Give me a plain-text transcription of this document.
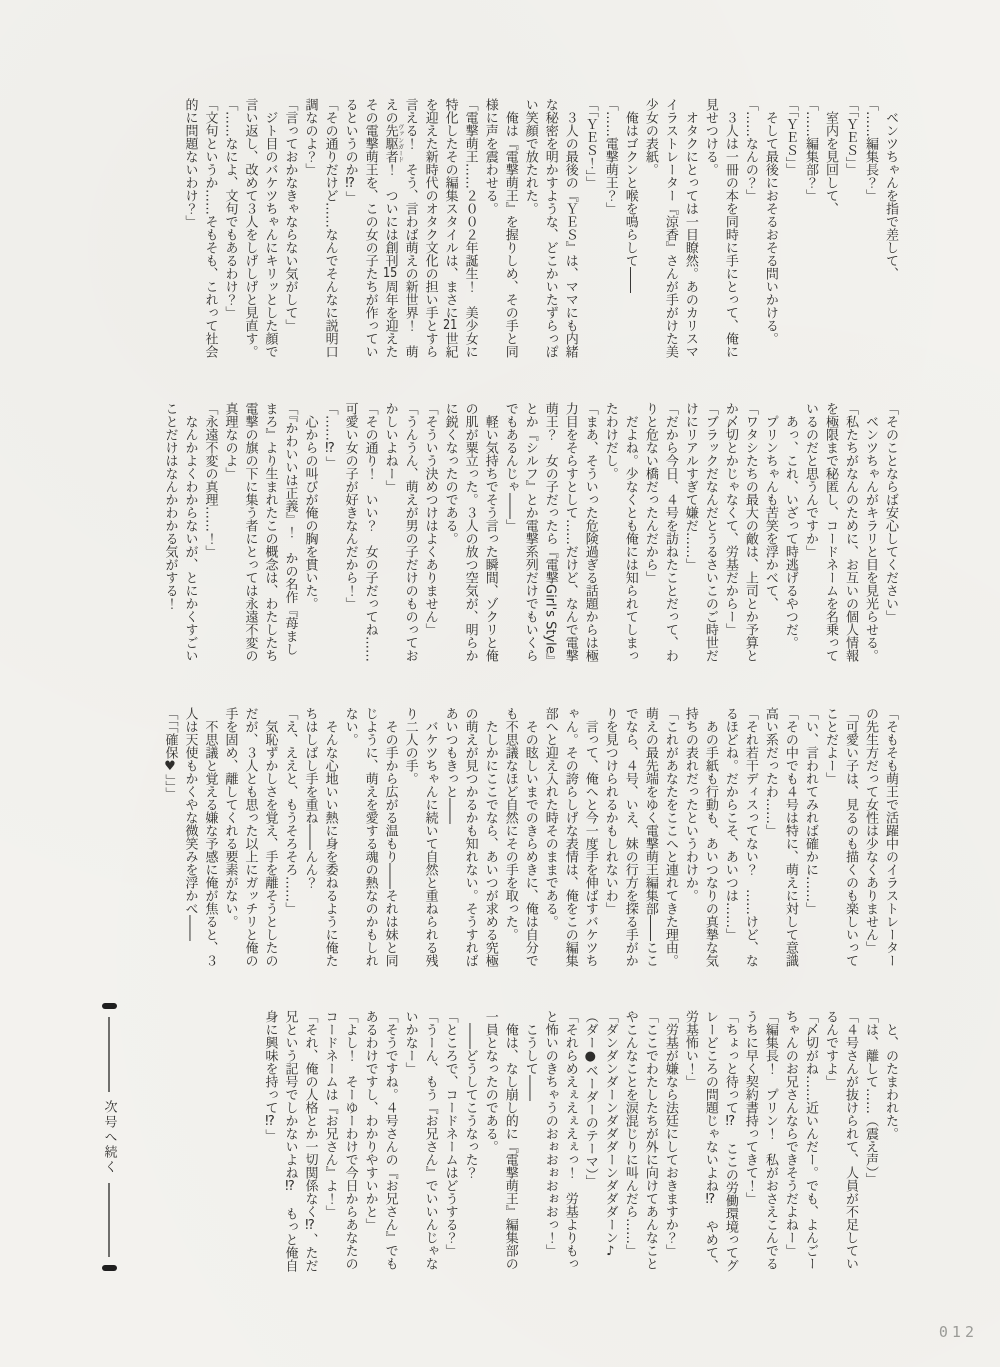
　ベンツちゃんを指で差して、

「……編集長？」

「「ＹＥＳ」」

　室内を見回して、

「……編集部？」

「「ＹＥＳ」」

　そして最後におそるおそる問いかける。

「……なんの？」

　３人は一冊の本を同時に手にとって、俺に見せつける。

　オタクにとっては一目瞭然。あのカリスマイラストレーター『涼香』さんが手がけた美少女の表紙。

　俺はゴクンと喉を鳴らして――

「……電撃萌王？」

「「ＹＥＳ！」」

　３人の最後の『ＹＥＳ』は、ママにも内緒な秘密を明かすような、どこかいたずらっぽい笑顔で放たれた。

　俺は『電撃萌王』を握りしめ、その手と同様に声を震わせる。

「電撃萌王……２００２年誕生！　美少女に特化したその編集スタイルは、まさに21世紀を迎えた新時代のオタク文化の担い手とすら言える！　そう、言わば萌えの新世界！　萌えの先駆者 ヴァンガード！　ついには創刊15周年を迎えたその電撃萌王を、この女の子たちが作っているというのか⁉」

「その通りだけど……なんでそんなに説明口調なのよ？」

「言っておかなきゃならない気がして」

　ジト目のバケツちゃんにキリッとした顔で言い返し、改めて３人をしげしげと見直す。

「……なによ、文句でもあるわけ？」

「文句というか……そもそも、これって社会的に問題ないわけ？」

「そのことならば安心してください」

　ベンツちゃんがキラリと目を見光らせる。

「私たちがなんのために、お互いの個人情報を極限まで秘匿し、コードネームを名乗っているのだと思うんですか」

　あっ、これ、いざって時逃げるやつだ。

　プリンちゃんも苦笑を浮かべて、

「ワタシたちの最大の敵は、上司とか予算とか〆切とかじゃなくて、労基だからー」

「ブラックだなんだとうるさいこのご時世だけにリアルすぎて嫌だ……」

「だから今日、４号を訪ねたことだって、わりと危ない橋だったんだから」

　だよね。少なくとも俺には知られてしまったわけだし。

「まあ、そういった危険過ぎる話題からは極力目をそらすとして……だけど、なんで電撃萌王？　女の子だったら『電撃Girl's Style』とか『シルフ』とか電撃系列だけでもいくらでもあるんじゃ――」

　軽い気持ちでそう言った瞬間、ゾクリと俺の肌が粟立った。３人の放つ空気が、明らかに鋭くなったのである。

「そういう決めつけはよくありません」

「うんうん、萌えが男の子だけのものっておかしいよねー」

「その通り！　いい？　女の子だってね……可愛い女の子が好きなんだから！」

「……⁉」

　心からの叫びが俺の胸を貫いた。

「『かわいいは正義』！　かの名作『苺ましまろ』より生まれたこの概念は、わたしたち電撃の旗の下に集う者にとっては永遠不変の真理なのよ」

「永遠不変の真理……！」

　なんかよくわからないが、とにかくすごいことだけはなんかわかる気がする！

「そもそも萌王で活躍中のイラストレーターの先生方だって女性は少なくありません」

「可愛い子は、見るのも描くのも楽しいってことだよー」

「い、言われてみれば確かに……」

「その中でも４号は特に、萌えに対して意識高い系だったわ……」

「それ若干ディスってない？　……けど、なるほどね。だからこそ、あいつは……」

　あの手紙も行動も、あいつなりの真摯な気持ちの表れだったというわけか。

「これがあなたをここへと連れてきた理由。萌えの最先端をゆく電撃萌王編集部――ここでなら、４号、いえ、妹の行方を探る手がかりを見つけられるかもしれないわ」

　言って、俺へと今一度手を伸ばすバケツちゃん。その誇らしげな表情は、俺をこの編集部へと迎え入れた時そのままである。

　その眩しいまでのきらめきに、俺は自分でも不思議なほど自然にその手を取った。

　たしかにここでなら、あいつが求める究極の萌えが見つかるかも知れない。そうすればあいつもきっと――

　バケツちゃんに続いて自然と重ねられる残り二人の手。

　その手から広がる温もり――それは妹と同じように、萌えを愛する魂の熱なのかもしれない。

　そんな心地いい熱に身を委ねるように俺たちはしばし手を重ね――んん？

「え、ええと、もうそろそろ……」

　気恥ずかしさを覚え、手を離そうとしたのだが、３人とも思った以上にガッチリと俺の手を固め、離してくれる要素がない。

　不思議と覚える嫌な予感に俺が焦ると、３人は天使もかくやな微笑みを浮かべ――

「「「確保♥」」」

　と、のたまわれた。

「は、離して……（震え声）」

「４号さんが抜けられて、人員が不足しているんですよ」

「〆切がね……近いんだー。でも、よんごーちゃんのお兄さんならできそうだよねー」

「編集長！　プリン！　私がおさえこんでるうちに早く契約書持ってきて！」

「ちょっと待って⁉　ここの労働環境ってグレーどころの問題じゃないよね⁉　やめて、労基怖い！」

「労基が嫌なら法廷にしておきますか？」

「ここでわたしたちが外に向けてあんなことやこんなことを涙混じりに叫んだら……」

「ダンダンダーンダダダーンダダダーン♪（ダー●ベーダーのテーマ）」

「それらめえぇえぇえぇっ！　労基よりもっと怖いのきちゃうのおぉおぉおぉおっ！」

　こうして――

　俺は、なし崩し的に『電撃萌王』編集部の一員となったのである。

　――どうしてこうなった？

「ところで、コードネームはどうする？」

「うーん、もう『お兄さん』でいいんじゃないかなー」

「そうですね。４号さんの『お兄さん』でもあるわけですし、わかりやすいかと」

「よし！　そーゆーわけで今日からあなたのコードネームは『お兄さん』よ！」

「それ、俺の人格とか一切関係なく⁉、ただ兄という記号でしかないよね⁉　もっと俺自身に興味を持って⁉」

次号へ続く
012
